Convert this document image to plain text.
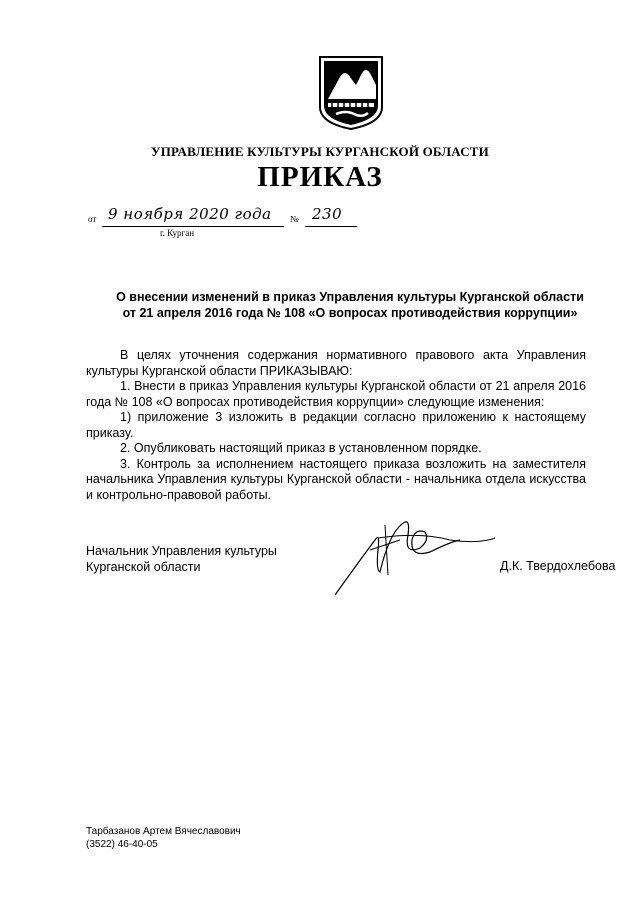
УПРАВЛЕНИЕ КУЛЬТУРЫ КУРГАНСКОЙ ОБЛАСТИ
ПРИКАЗ
от 9 ноября 2020 года № 230
г. Курган
О внесении изменений в приказ Управления культуры Курганской области
от 21 апреля 2016 года № 108 «О вопросах противодействия коррупции»

В целях уточнения содержания нормативного правового акта Управления культуры Курганской области ПРИКАЗЫВАЮ:

1. Внести в приказ Управления культуры Курганской области от 21 апреля 2016 года № 108 «О вопросах противодействия коррупции» следующие изменения:

1) приложение 3 изложить в редакции согласно приложению к настоящему приказу.

2. Опубликовать настоящий приказ в установленном порядке.

3. Контроль за исполнением настоящего приказа возложить на заместителя начальника Управления культуры Курганской области - начальника отдела искусства и контрольно-правовой работы.

Начальник Управления культуры
Курганской области	Д.К. Твердохлебова
Тарбазанов Артем Вячеславович
(3522) 46-40-05
